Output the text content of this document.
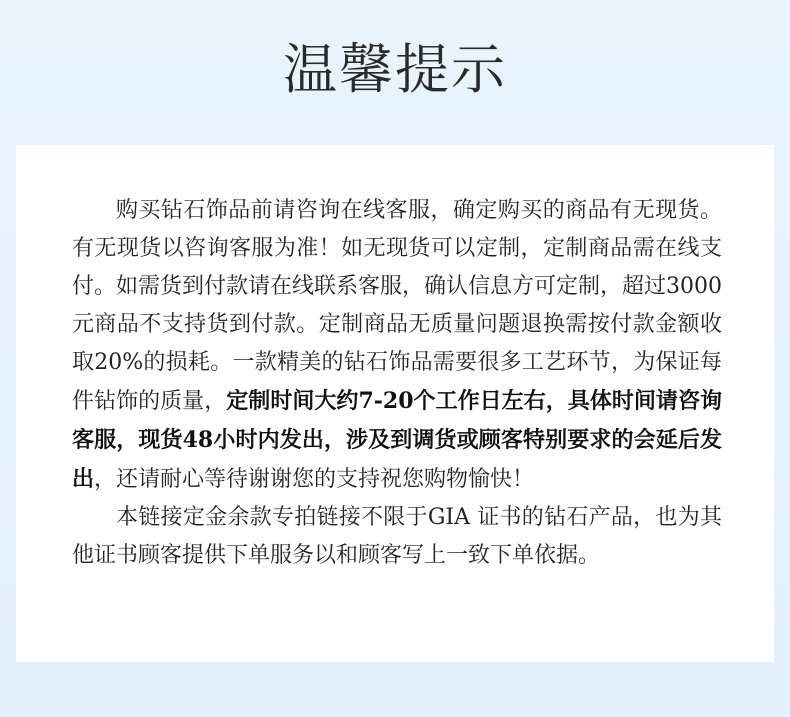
温馨提示

购买钻石饰品前请咨询在线客服，确定购买的商品有无现货。有无现货以咨询客服为准！如无现货可以定制，定制商品需在线支付。如需货到付款请在线联系客服，确认信息方可定制，超过3000元商品不支持货到付款。定制商品无质量问题退换需按付款金额收取20%的损耗。一款精美的钻石饰品需要很多工艺环节，为保证每件钻饰的质量，定制时间大约7-20个工作日左右，具体时间请咨询客服，现货48小时内发出，涉及到调货或顾客特别要求的会延后发出，还请耐心等待谢谢您的支持祝您购物愉快！

本链接定金余款专拍链接不限于GIA 证书的钻石产品，也为其他证书顾客提供下单服务以和顾客写上一致下单依据。
